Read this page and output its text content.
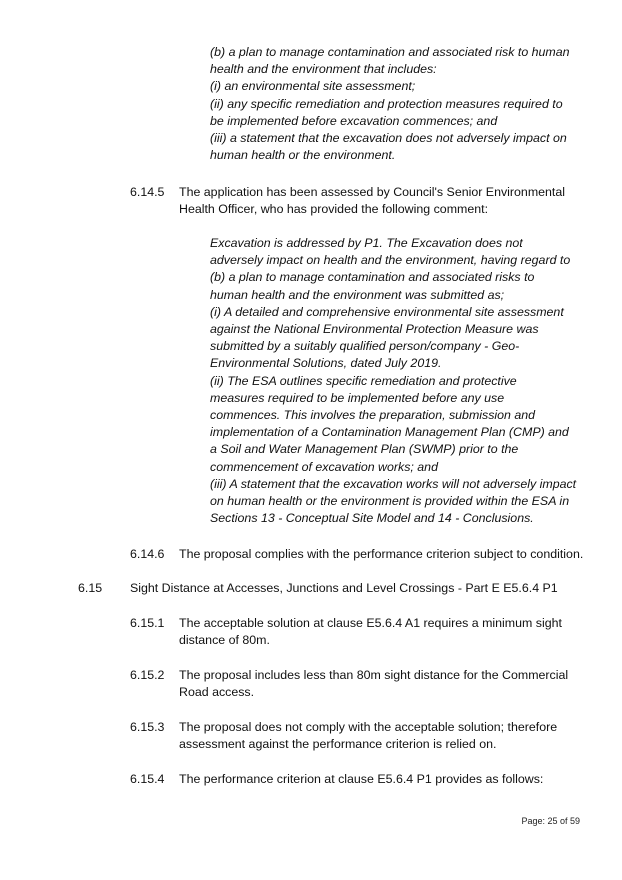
(b) a plan to manage contamination and associated risk to human
health and the environment that includes:
(i) an environmental site assessment;
(ii) any specific remediation and protection measures required to
be implemented before excavation commences; and
(iii) a statement that the excavation does not adversely impact on
human health or the environment.
6.14.5 The application has been assessed by Council's Senior Environmental
Health Officer, who has provided the following comment:
Excavation is addressed by P1. The Excavation does not
adversely impact on health and the environment, having regard to
(b) a plan to manage contamination and associated risks to
human health and the environment was submitted as;
(i) A detailed and comprehensive environmental site assessment
against the National Environmental Protection Measure was
submitted by a suitably qualified person/company - Geo-
Environmental Solutions, dated July 2019.
(ii) The ESA outlines specific remediation and protective
measures required to be implemented before any use
commences. This involves the preparation, submission and
implementation of a Contamination Management Plan (CMP) and
a Soil and Water Management Plan (SWMP) prior to the
commencement of excavation works; and
(iii) A statement that the excavation works will not adversely impact
on human health or the environment is provided within the ESA in
Sections 13 - Conceptual Site Model and 14 - Conclusions.
6.14.6 The proposal complies with the performance criterion subject to condition.
6.15 Sight Distance at Accesses, Junctions and Level Crossings - Part E E5.6.4 P1
6.15.1 The acceptable solution at clause E5.6.4 A1 requires a minimum sight
distance of 80m.
6.15.2 The proposal includes less than 80m sight distance for the Commercial
Road access.
6.15.3 The proposal does not comply with the acceptable solution; therefore
assessment against the performance criterion is relied on.
6.15.4 The performance criterion at clause E5.6.4 P1 provides as follows:
Page: 25 of 59
